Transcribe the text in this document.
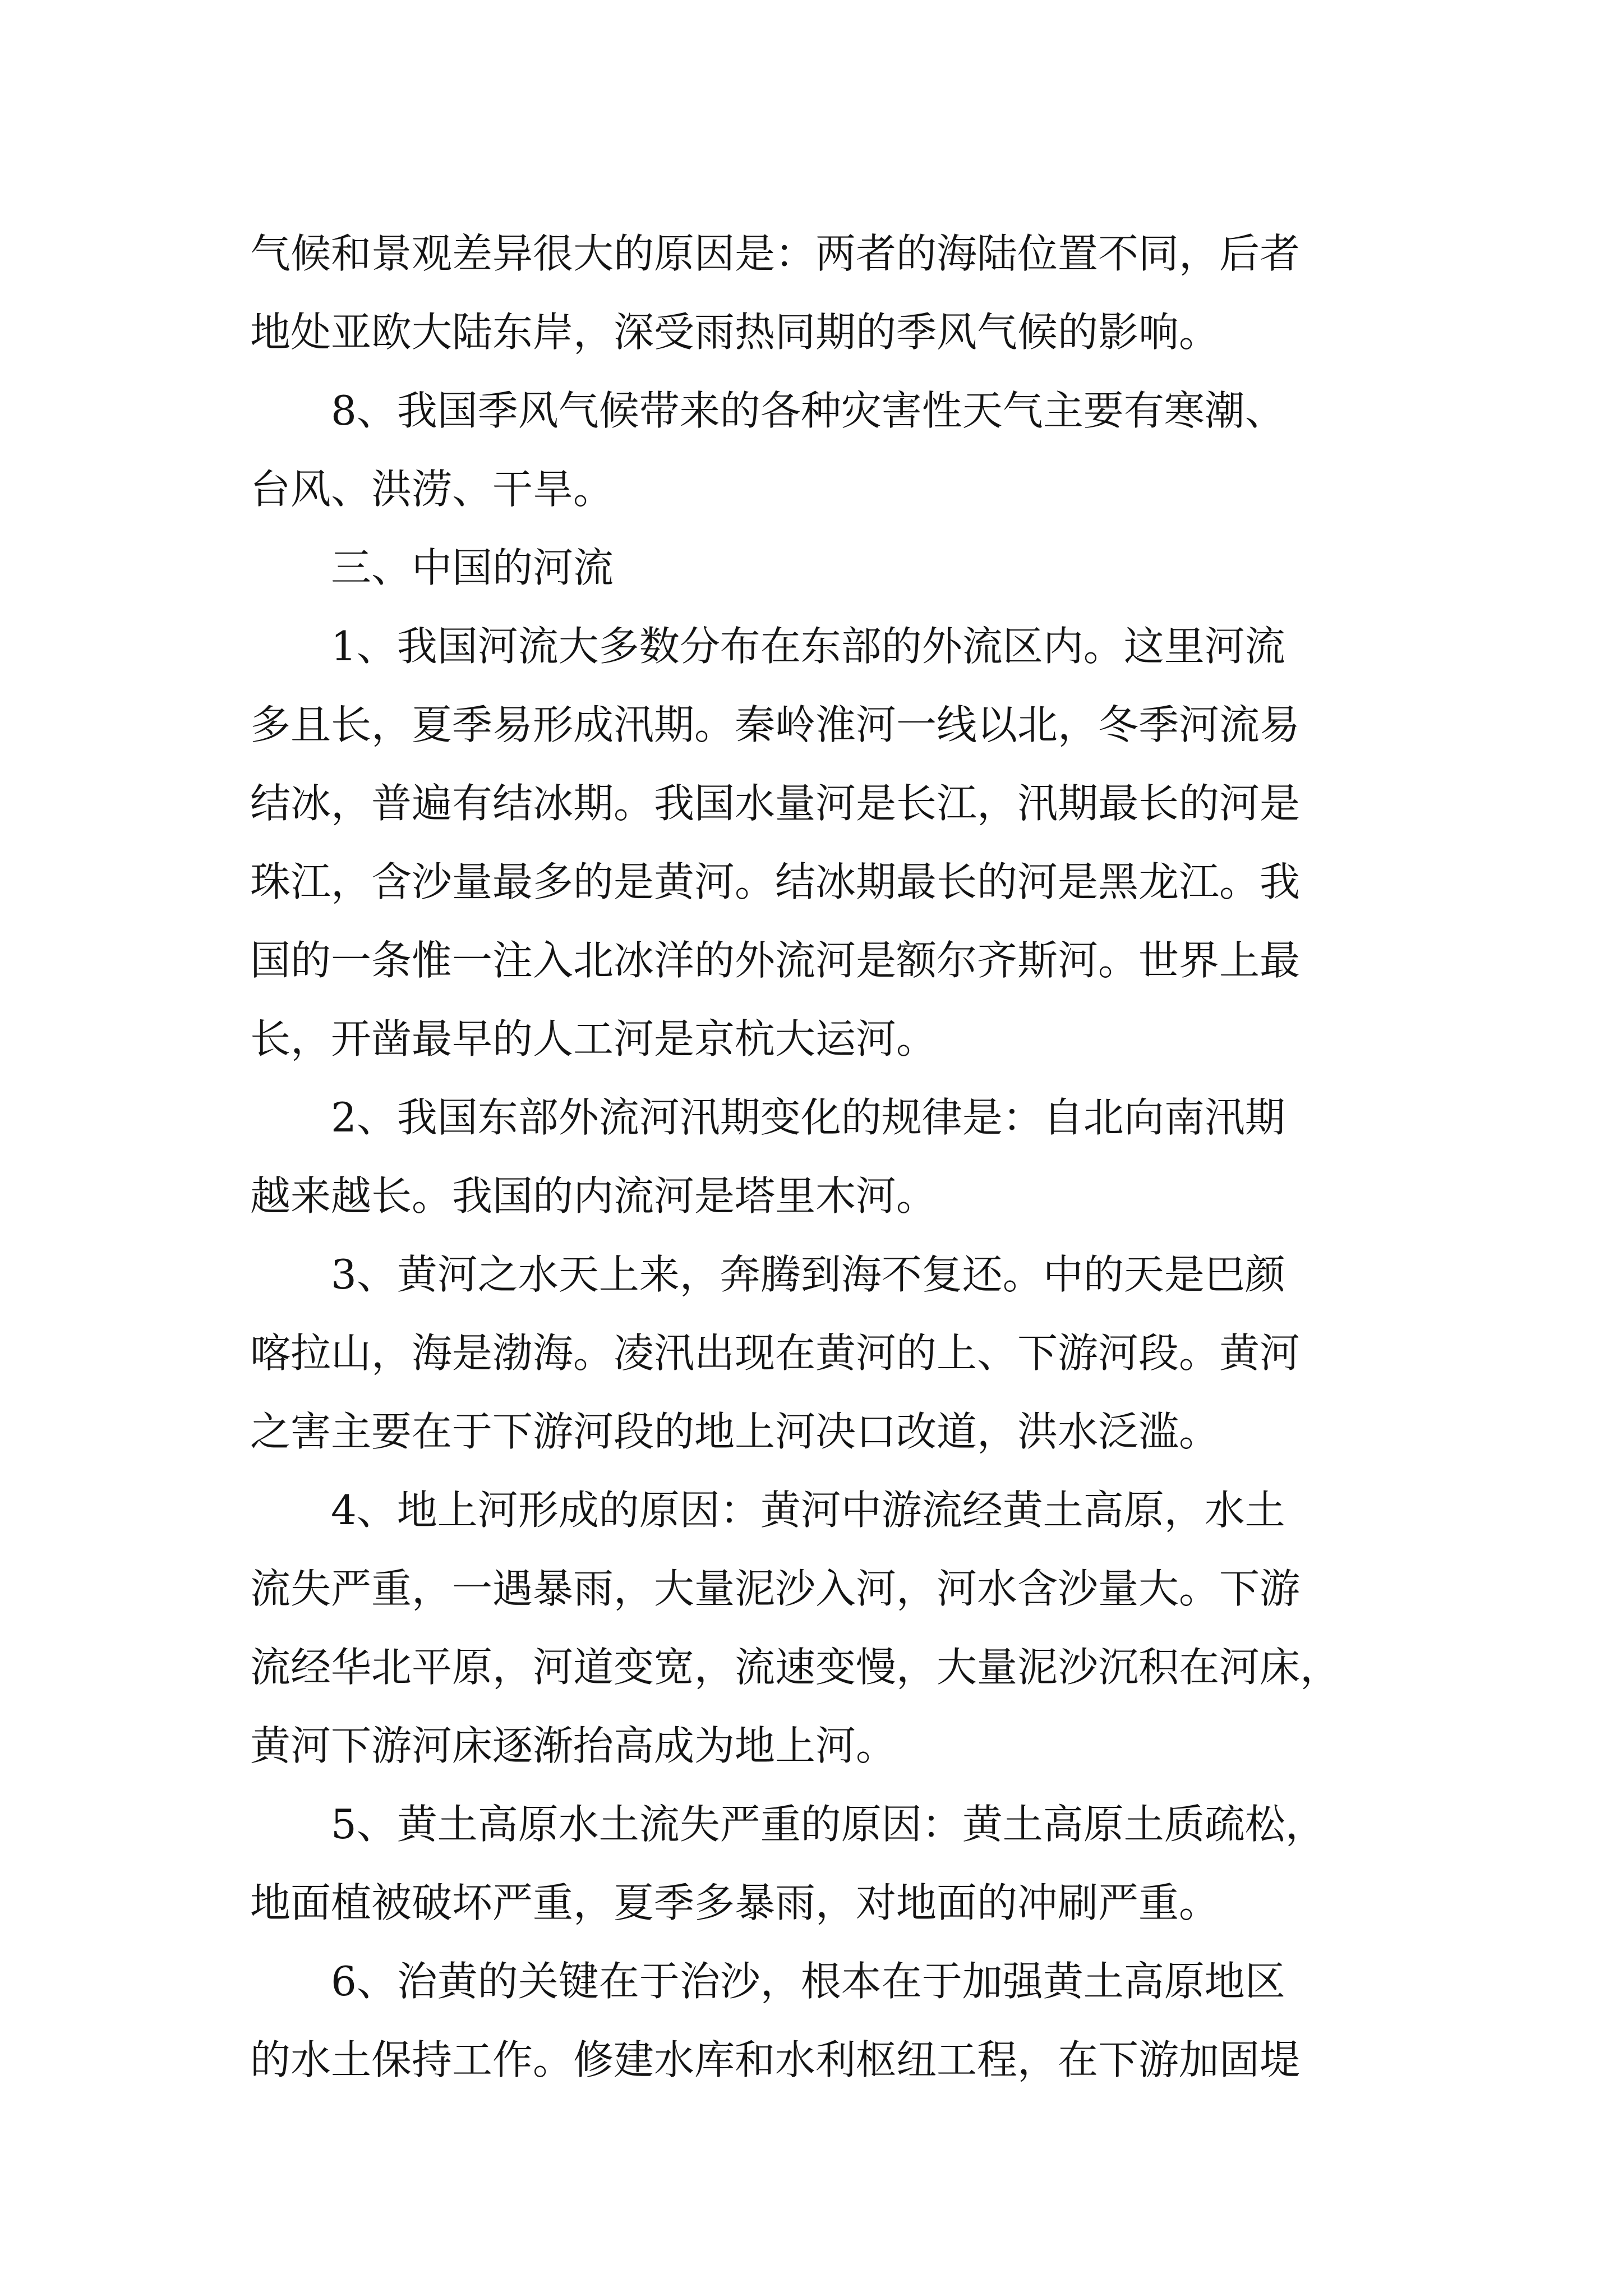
气候和景观差异很大的原因是：两者的海陆位置不同，后者
地处亚欧大陆东岸，深受雨热同期的季风气候的影响。
8、我国季风气候带来的各种灾害性天气主要有寒潮、
台风、洪涝、干旱。
三、中国的河流
1、我国河流大多数分布在东部的外流区内。这里河流
多且长，夏季易形成汛期。秦岭淮河一线以北，冬季河流易
结冰，普遍有结冰期。我国水量河是长江，汛期最长的河是
珠江，含沙量最多的是黄河。结冰期最长的河是黑龙江。我
国的一条惟一注入北冰洋的外流河是额尔齐斯河。世界上最
长，开凿最早的人工河是京杭大运河。
2、我国东部外流河汛期变化的规律是：自北向南汛期
越来越长。我国的内流河是塔里木河。
3、黄河之水天上来，奔腾到海不复还。中的天是巴颜
喀拉山，海是渤海。凌汛出现在黄河的上、下游河段。黄河
之害主要在于下游河段的地上河决口改道，洪水泛滥。
4、地上河形成的原因：黄河中游流经黄土高原，水土
流失严重，一遇暴雨，大量泥沙入河，河水含沙量大。下游
流经华北平原，河道变宽，流速变慢，大量泥沙沉积在河床，
黄河下游河床逐渐抬高成为地上河。
5、黄土高原水土流失严重的原因：黄土高原土质疏松，
地面植被破坏严重，夏季多暴雨，对地面的冲刷严重。
6、治黄的关键在于治沙，根本在于加强黄土高原地区
的水土保持工作。修建水库和水利枢纽工程，在下游加固堤
